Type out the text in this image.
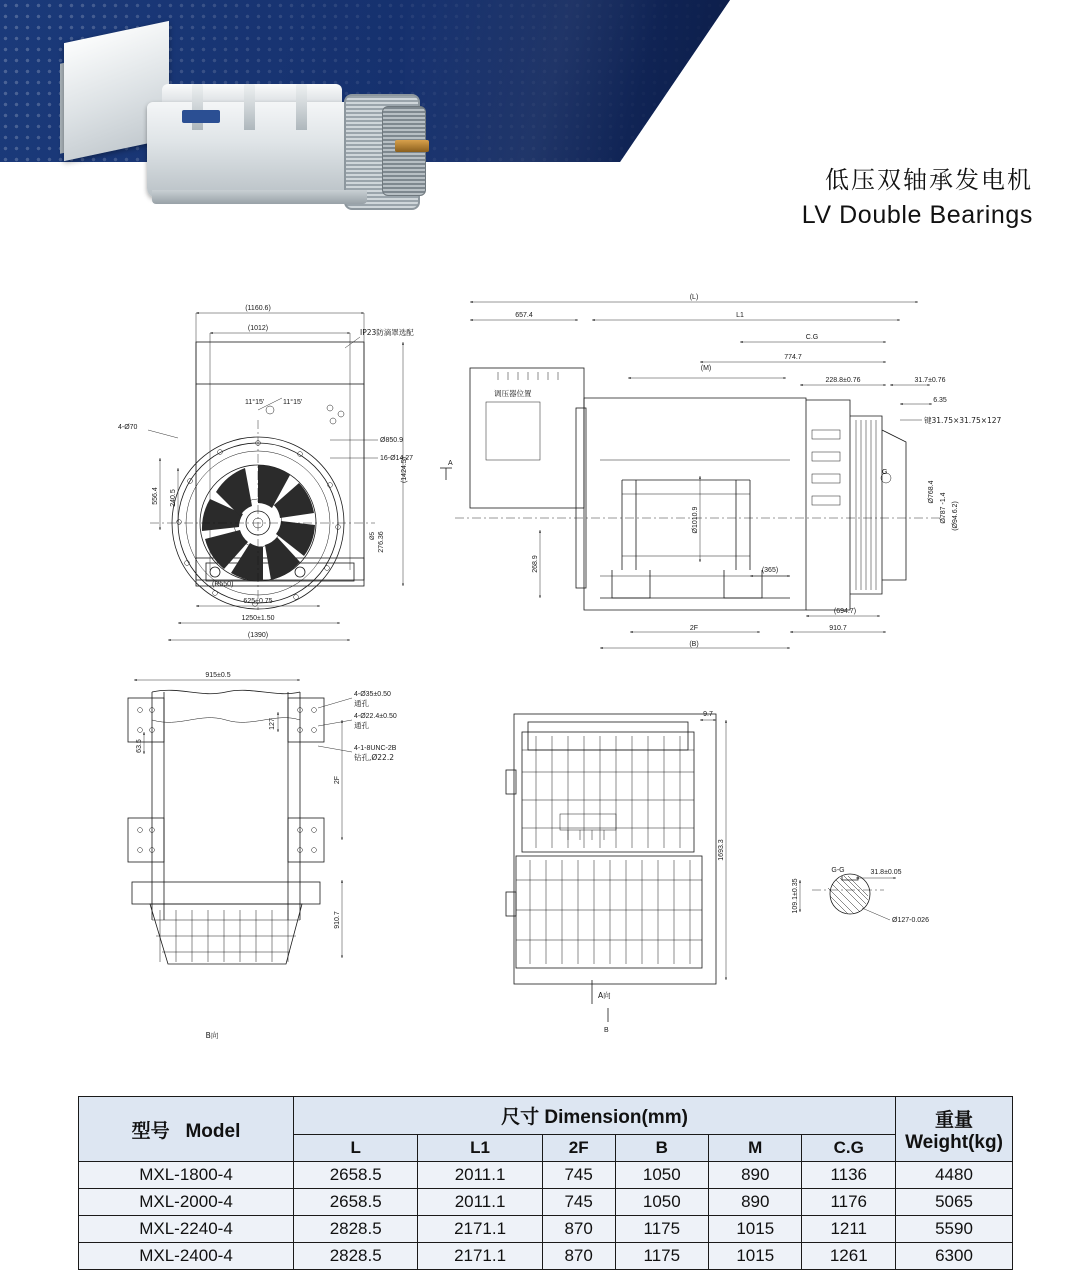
低压双轴承发电机
LV Double Bearings
(1160.6)
(1012)
11°15'	11°15'
IP23防滴罩选配
Ø850.9
16-Ø14.27
(1424.5)
4-Ø70
556.4 240.5
276.36
Ø5
(R550)
625±0.75
1250±1.50
(1390)
A
(L)
657.4	L1
C.G
774.7
(M)
228.8±0.76	31.7±0.76
6.35
键31.75×31.75×127
调压器位置
G
Ø768.4
Ø787 -1.4 (Ø94.6.2)
Ø1010.9
268.9	(365)
(694.7)
910.7
2F
(B)
915±0.5
4-Ø35±0.50
通孔
4-Ø22.4±0.50
通孔
4-1-8UNC-2B
钻孔,Ø22.2
127
63.5
2F
910.7
B向
9.7
1693.3
A向
B
G-G	31.8±0.05
109.1±0.35
Ø127-0.026
型号 Model	尺寸 Dimension(mm)						重量
Weight(kg)

	L	L1	2F	B	M	C.G	
MXL-1800-4	2658.5	2011.1	745	1050	890	1136	4480
MXL-2000-4	2658.5	2011.1	745	1050	890	1176	5065
MXL-2240-4	2828.5	2171.1	870	1175	1015	1211	5590
MXL-2400-4	2828.5	2171.1	870	1175	1015	1261	6300
